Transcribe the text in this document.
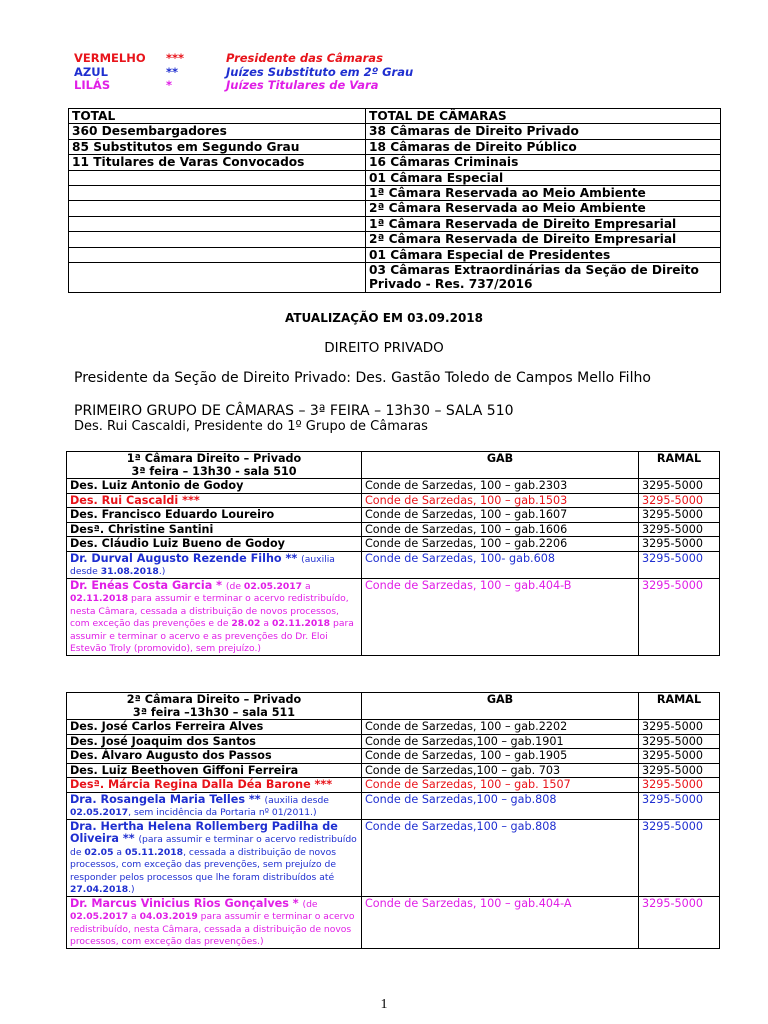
VERMELHO	***	Presidente das Câmaras
AZUL	**	Juízes Substituto em 2º Grau
LILÁS	*	Juízes Titulares de Vara
TOTAL	TOTAL DE CÂMARAS
360 Desembargadores	38 Câmaras de Direito Privado
85 Substitutos em Segundo Grau	18 Câmaras de Direito Público
11 Titulares de Varas Convocados	16 Câmaras Criminais
	01 Câmara Especial
	1ª Câmara Reservada ao Meio Ambiente
	2ª Câmara Reservada ao Meio Ambiente
	1ª Câmara Reservada de Direito Empresarial
	2ª Câmara Reservada de Direito Empresarial
	01 Câmara Especial de Presidentes
	03 Câmaras Extraordinárias da Seção de Direito Privado - Res. 737/2016
ATUALIZAÇÃO EM 03.09.2018
DIREITO PRIVADO
Presidente da Seção de Direito Privado: Des. Gastão Toledo de Campos Mello Filho
PRIMEIRO GRUPO DE CÂMARAS – 3ª FEIRA – 13h30 – SALA 510
Des. Rui Cascaldi, Presidente do 1º Grupo de Câmaras
1ª Câmara Direito – Privado
3ª feira – 13h30 - sala 510	GAB	RAMAL
Des. Luiz Antonio de Godoy	Conde de Sarzedas, 100 – gab.2303	3295-5000
Des. Rui Cascaldi ***	Conde de Sarzedas, 100 – gab.1503	3295-5000
Des. Francisco Eduardo Loureiro	Conde de Sarzedas, 100 – gab.1607	3295-5000
Desª. Christine Santini	Conde de Sarzedas, 100 – gab.1606	3295-5000
Des. Cláudio Luiz Bueno de Godoy	Conde de Sarzedas, 100 – gab.2206	3295-5000
Dr. Durval Augusto Rezende Filho ** (auxilia desde 31.08.2018.)	Conde de Sarzedas, 100- gab.608	3295-5000
Dr. Enéas Costa Garcia * (de 02.05.2017 a 02.11.2018 para assumir e terminar o acervo redistribuído, nesta Câmara, cessada a distribuição de novos processos, com exceção das prevenções e de 28.02 a 02.11.2018 para assumir e terminar o acervo e as prevenções do Dr. Eloi Estevão Troly (promovido), sem prejuízo.)	Conde de Sarzedas, 100 – gab.404-B	3295-5000
2ª Câmara Direito – Privado
3ª feira –13h30 – sala 511	GAB	RAMAL
Des. José Carlos Ferreira Alves	Conde de Sarzedas, 100 – gab.2202	3295-5000
Des. José Joaquim dos Santos	Conde de Sarzedas,100 – gab.1901	3295-5000
Des. Álvaro Augusto dos Passos	Conde de Sarzedas, 100 – gab.1905	3295-5000
Des. Luiz Beethoven Giffoni Ferreira	Conde de Sarzedas,100 – gab. 703	3295-5000
Desª. Márcia Regina Dalla Déa Barone ***	Conde de Sarzedas, 100 – gab. 1507	3295-5000
Dra. Rosangela Maria Telles ** (auxilia desde 02.05.2017, sem incidência da Portaria nº 01/2011.)	Conde de Sarzedas,100 – gab.808	3295-5000
Dra. Hertha Helena Rollemberg Padilha de Oliveira ** (para assumir e terminar o acervo redistribuído de 02.05 a 05.11.2018, cessada a distribuição de novos processos, com exceção das prevenções, sem prejuízo de responder pelos processos que lhe foram distribuídos até 27.04.2018.)	Conde de Sarzedas,100 – gab.808	3295-5000
Dr. Marcus Vinicius Rios Gonçalves * (de 02.05.2017 a 04.03.2019 para assumir e terminar o acervo redistribuído, nesta Câmara, cessada a distribuição de novos processos, com exceção das prevenções.)	Conde de Sarzedas, 100 – gab.404-A	3295-5000
1
